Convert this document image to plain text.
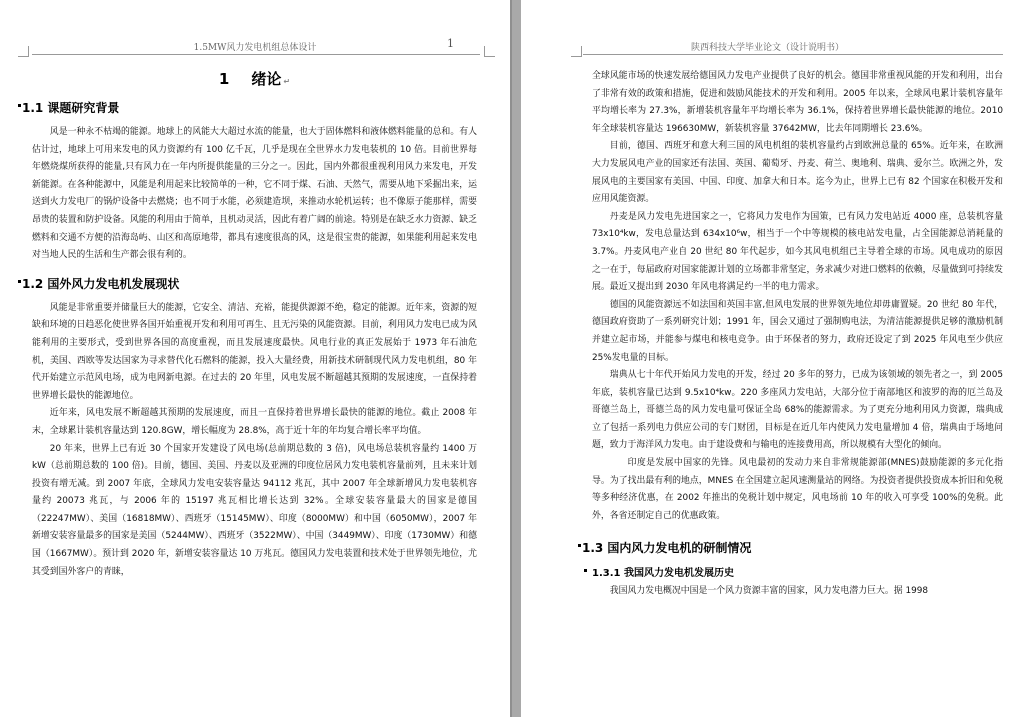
1.5MW风力发电机组总体设计	1
1 绪论 ↵
1.1 课题研究背景

风是一种永不枯竭的能源。地球上的风能大大超过水流的能量，也大于固体燃料和液体燃料能量的总和。有人估计过，地球上可用来发电的风力资源约有 100 亿千瓦，几乎是现在全世界水力发电装机的 10 倍。目前世界每年燃烧煤所获得的能量,只有风力在一年内所提供能量的三分之一。因此，国内外都很重视利用风力来发电，开发新能源。在各种能源中，风能是利用起来比较简单的一种，它不同于煤、石油、天然气，需要从地下采掘出来，运送到火力发电厂的锅炉设备中去燃烧；也不同于水能，必须建造坝，来推动水轮机运转；也不像原子能那样，需要昂贵的装置和防护设备。风能的利用由于简单，且机动灵活，因此有着广阔的前途。特别是在缺乏水力资源、缺乏燃料和交通不方便的沿海岛屿、山区和高原地带，都具有速度很高的风，这是很宝贵的能源，如果能利用起来发电对当地人民的生活和生产都会很有利的。

1.2 国外风力发电机发展现状

风能是非常重要并储量巨大的能源，它安全、清洁、充裕，能提供源源不绝，稳定的能源。近年来，资源的短缺和环境的日趋恶化使世界各国开始重视开发和利用可再生、且无污染的风能资源。目前，利用风力发电已成为风能利用的主要形式，受到世界各国的高度重视，而且发展速度最快。风电行业的真正发展始于 1973 年石油危机，美国、西欧等发达国家为寻求替代化石燃料的能源，投入大量经费，用新技术研制现代风力发电机组，80 年代开始建立示范风电场，成为电网新电源。在过去的 20 年里，风电发展不断超越其预期的发展速度，一直保持着世界增长最快的能源地位。

近年来，风电发展不断超越其预期的发展速度，而且一直保持着世界增长最快的能源的地位。截止 2008 年末，全球累计装机容量达到 120.8GW，增长幅度为 28.8%，高于近十年的年均复合增长率平均值。

20 年来，世界上已有近 30 个国家开发建设了风电场(总前期总数的 3 倍)，风电场总装机容量约 1400 万 kW（总前期总数的 100 倍)。目前，德国、美国、丹麦以及亚洲的印度位居风力发电装机容量前列，且未来计划投资有增无减。到 2007 年底，全球风力发电安装容量达 94112 兆瓦，其中 2007 年全球新增风力发电装机容量约 20073 兆瓦，与 2006 年的 15197 兆瓦相比增长达到 32%。全球安装容量最大的国家是德国（22247MW）、美国（16818MW）、西班牙（15145MW）、印度（8000MW）和中国（6050MW），2007 年新增安装容量最多的国家是美国（5244MW）、西班牙（3522MW）、中国（3449MW）、印度（1730MW）和德国（1667MW）。预计到 2020 年，新增安装容量达 10 万兆瓦。德国风力发电装置和技术处于世界领先地位，尤其受到国外客户的青睐，

陕西科技大学毕业论文（设计说明书）

全球风能市场的快速发展给德国风力发电产业提供了良好的机会。德国非常重视风能的开发和利用，出台了非常有效的政策和措施，促进和鼓励风能技术的开发和利用。2005 年以来，全球风电累计装机容量年平均增长率为 27.3%，新增装机容量年平均增长率为 36.1%，保持着世界增长最快能源的地位。2010 年全球装机容量达 196630MW，新装机容量 37642MW，比去年同期增长 23.6%。

目前，德国、西班牙和意大利三国的风电机组的装机容量约占到欧洲总量的 65%。近年来，在欧洲大力发展风电产业的国家还有法国、英国、葡萄牙、丹麦、荷兰、奥地利、瑞典、爱尔兰。欧洲之外，发展风电的主要国家有美国、中国、印度、加拿大和日本。迄今为止，世界上已有 82 个国家在积极开发和应用风能资源。

丹麦是风力发电先进国家之一，它将风力发电作为国策，已有风力发电站近 4000 座，总装机容量 73x10⁴kw，发电总量达到 634x10⁶w，相当于一个中等规模的核电站发电量，占全国能源总消耗量的 3.7%。丹麦风电产业自 20 世纪 80 年代起步，如今其风电机组已主导着全球的市场。风电成功的原因之一在于，每届政府对国家能源计划的立场都非常坚定，务求减少对进口燃料的依赖，尽量做到可持续发展。最近又提出到 2030 年风电将满足约一半的电力需求。

德国的风能资源远不如法国和英国丰富,但风电发展的世界领先地位却毋庸置疑。20 世纪 80 年代，德国政府资助了一系列研究计划；1991 年，国会又通过了强制购电法，为清洁能源提供足够的激励机制并建立起市场，并能参与煤电和核电竞争。由于环保者的努力，政府还设定了到 2025 年风电至少供应 25%发电量的目标。

瑞典从七十年代开始风力发电的开发，经过 20 多年的努力，已成为该领域的领先者之一，到 2005 年底，装机容量已达到 9.5x10⁴kw。220 多座风力发电站，大部分位于南部地区和波罗的海的厄兰岛及哥德兰岛上，哥德兰岛的风力发电量可保证全岛 68%的能源需求。为了更充分地利用风力资源，瑞典成立了包括一系列电力供应公司的专门财团，目标是在近几年内使风力发电量增加 4 倍，瑞典由于场地问题，致力于海洋风力发电。由于建设费和与输电的连接费用高，所以规模有大型化的倾向。

印度是发展中国家的先锋。风电最初的发动力来自非常规能源部(MNES)鼓励能源的多元化指导。为了找出最有利的地点，MNES 在全国建立起风速测量站的网络。为投资者提供投资成本折旧和免税等多种经济优惠，在 2002 年推出的免税计划中规定，风电场前 10 年的收入可享受 100%的免税。此外，各省还制定自己的优惠政策。

1.3 国内风力发电机的研制情况
1.3.1 我国风力发电机发展历史

我国风力发电概况中国是一个风力资源丰富的国家，风力发电潜力巨大。据 1998
